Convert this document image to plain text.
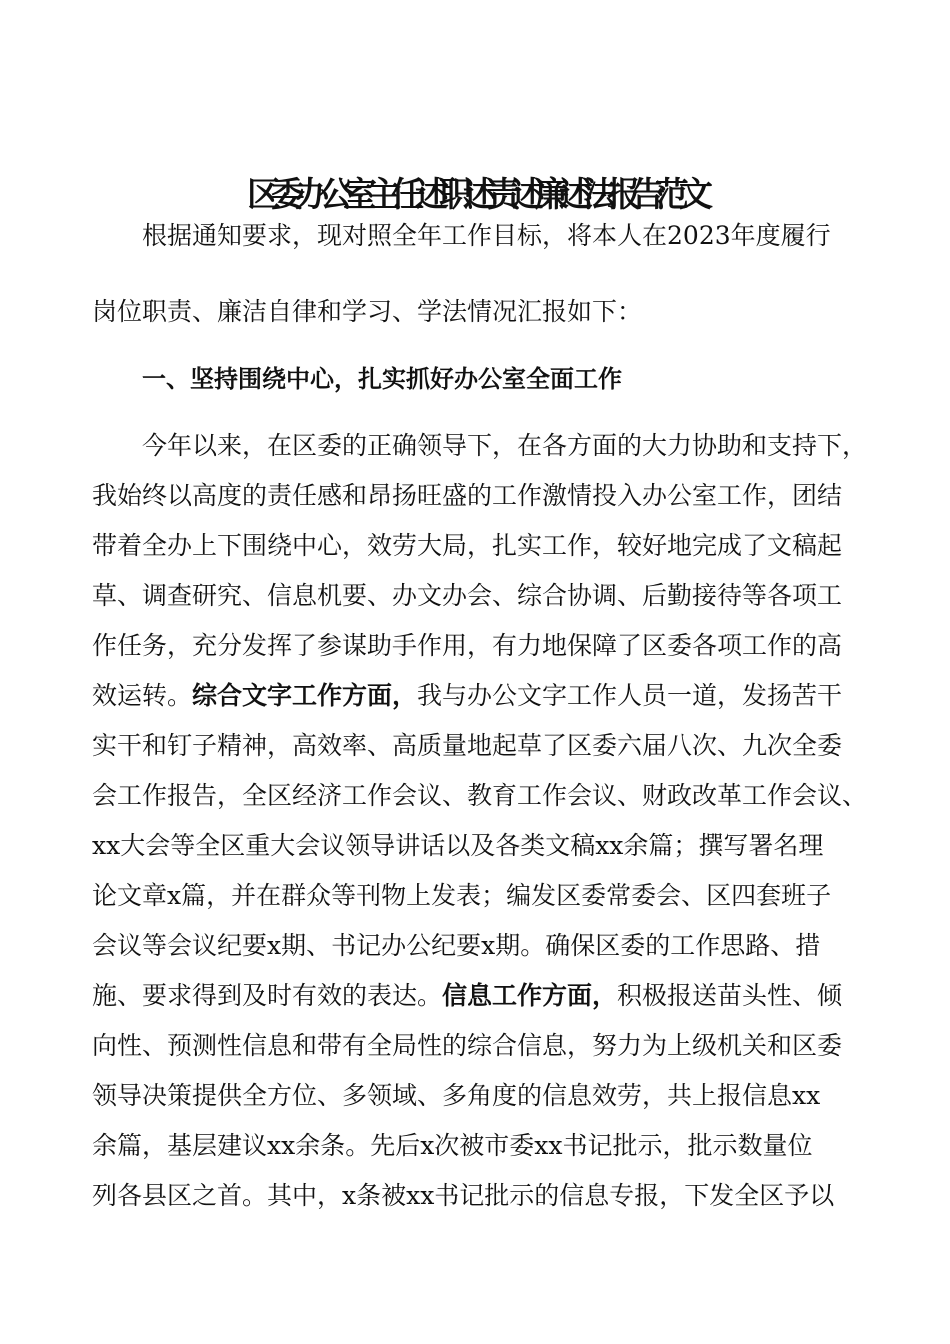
区委办公室主任述职述责述廉述法报告范文
根据通知要求，现对照全年工作目标，将本人在2023年度履行
岗位职责、廉洁自律和学习、学法情况汇报如下：
一、坚持围绕中心，扎实抓好办公室全面工作
今年以来，在区委的正确领导下，在各方面的大力协助和支持下，
我始终以高度的责任感和昂扬旺盛的工作激情投入办公室工作，团结
带着全办上下围绕中心，效劳大局，扎实工作，较好地完成了文稿起
草、调查研究、信息机要、办文办会、综合协调、后勤接待等各项工
作任务，充分发挥了参谋助手作用，有力地保障了区委各项工作的高
效运转。综合文字工作方面，我与办公文字工作人员一道，发扬苦干
实干和钉子精神，高效率、高质量地起草了区委六届八次、九次全委
会工作报告，全区经济工作会议、教育工作会议、财政改革工作会议、
xx大会等全区重大会议领导讲话以及各类文稿xx余篇；撰写署名理
论文章x篇，并在群众等刊物上发表；编发区委常委会、区四套班子
会议等会议纪要x期、书记办公纪要x期。确保区委的工作思路、措
施、要求得到及时有效的表达。信息工作方面，积极报送苗头性、倾
向性、预测性信息和带有全局性的综合信息，努力为上级机关和区委
领导决策提供全方位、多领域、多角度的信息效劳，共上报信息xx
余篇，基层建议xx余条。先后x次被市委xx书记批示，批示数量位
列各县区之首。其中，x条被xx书记批示的信息专报，下发全区予以
